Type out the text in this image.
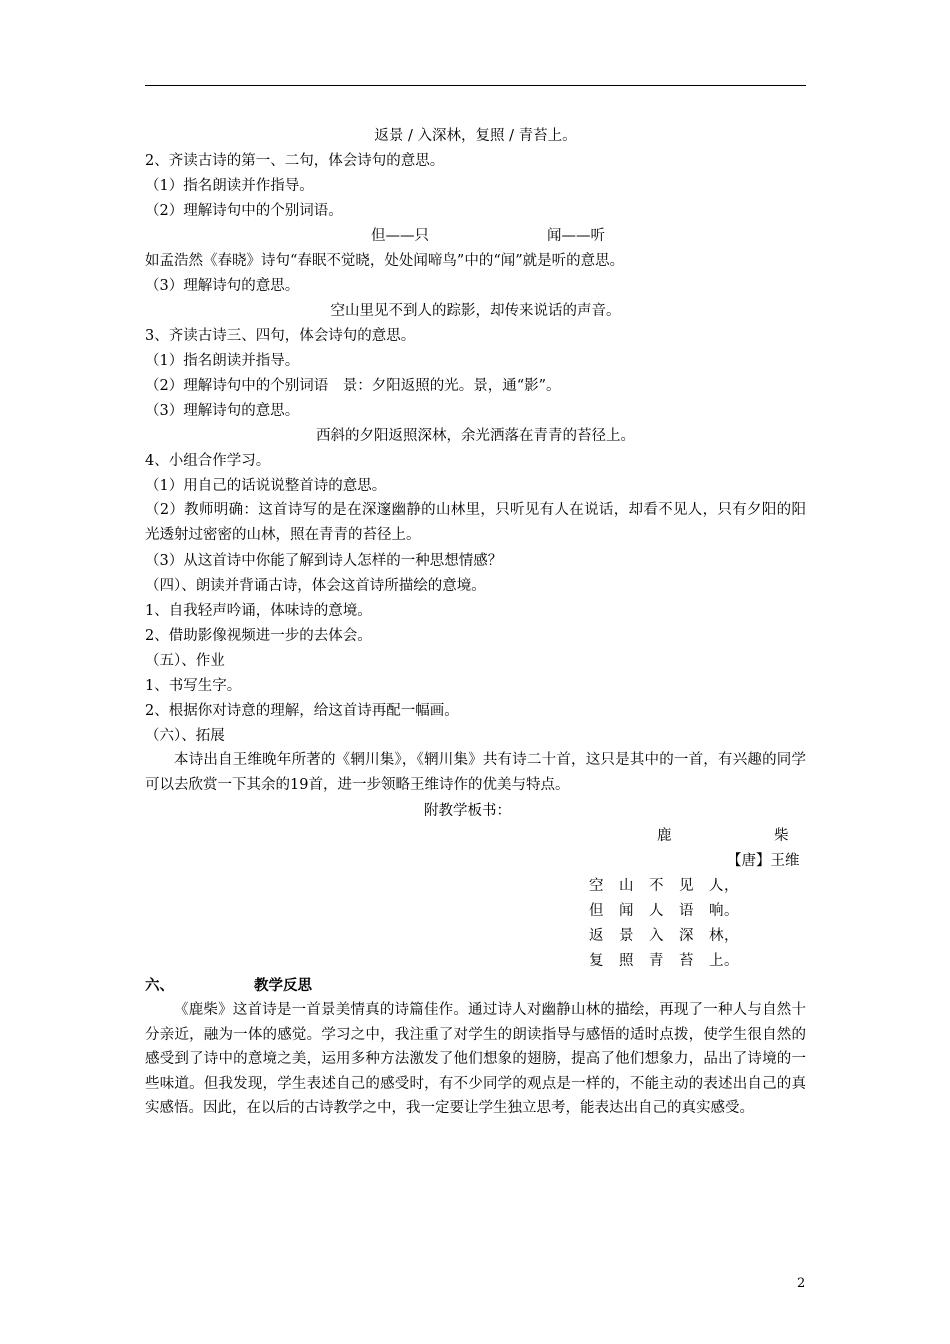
返景 / 入深林，复照 / 青苔上。
2、齐读古诗的第一、二句，体会诗句的意思。
（1）指名朗读并作指导。
（2）理解诗句中的个别词语。
但——只	闻——听
如孟浩然《春晓》诗句“春眠不觉晓，处处闻啼鸟”中的“闻”就是听的意思。
（3）理解诗句的意思。
空山里见不到人的踪影，却传来说话的声音。
3、齐读古诗三、四句，体会诗句的意思。
（1）指名朗读并指导。
（2）理解诗句中的个别词语　景：夕阳返照的光。景，通“影”。
（3）理解诗句的意思。
西斜的夕阳返照深林，余光洒落在青青的苔径上。
4、小组合作学习。
（1）用自己的话说说整首诗的意思。
（2）教师明确：这首诗写的是在深邃幽静的山林里，只听见有人在说话，却看不见人，只有夕阳的阳光透射过密密的山林，照在青青的苔径上。
（3）从这首诗中你能了解到诗人怎样的一种思想情感？
（四）、朗读并背诵古诗，体会这首诗所描绘的意境。
1、自我轻声吟诵，体味诗的意境。
2、借助影像视频进一步的去体会。
（五）、作业
1、书写生字。
2、根据你对诗意的理解，给这首诗再配一幅画。
（六）、拓展
本诗出自王维晚年所著的《辋川集》，《辋川集》共有诗二十首，这只是其中的一首，有兴趣的同学可以去欣赏一下其余的19首，进一步领略王维诗作的优美与特点。
附教学板书：
鹿	柴
【唐】王维
空　山　不　见　人，
但　闻　人　语　响。
返　景　入　深　林，
复　照　青　苔　上。
六、	教学反思
《鹿柴》这首诗是一首景美情真的诗篇佳作。通过诗人对幽静山林的描绘，再现了一种人与自然十分亲近，融为一体的感觉。学习之中，我注重了对学生的朗读指导与感悟的适时点拨，使学生很自然的感受到了诗中的意境之美，运用多种方法激发了他们想象的翅膀，提高了他们想象力，品出了诗境的一些味道。但我发现，学生表述自己的感受时，有不少同学的观点是一样的，不能主动的表述出自己的真实感悟。因此，在以后的古诗教学之中，我一定要让学生独立思考，能表达出自己的真实感受。
2
